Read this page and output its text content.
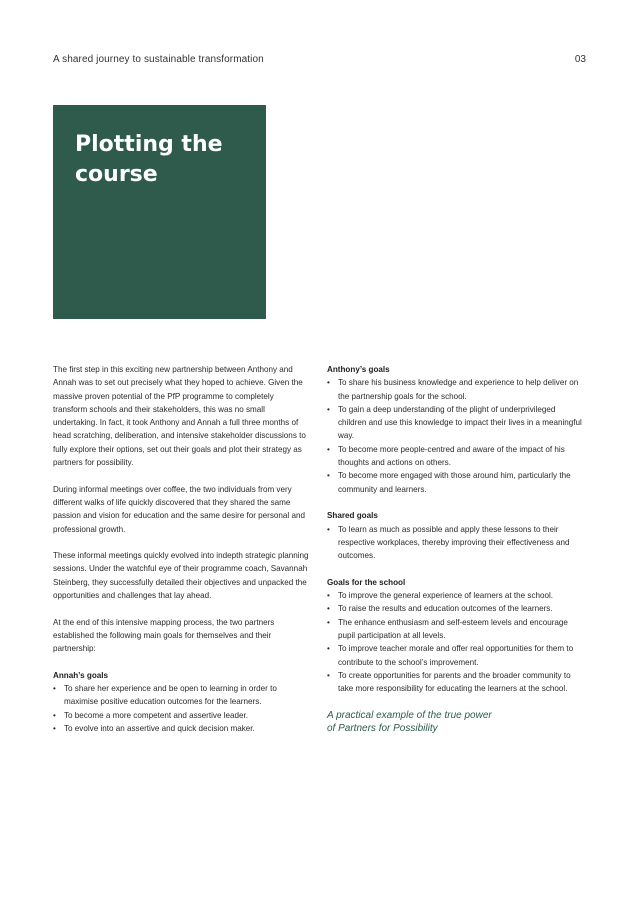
A shared journey to sustainable transformation	03
Plotting the course

The first step in this exciting new partnership between Anthony and Annah was to set out precisely what they hoped to achieve. Given the massive proven potential of the PfP programme to completely transform schools and their stakeholders, this was no small undertaking. In fact, it took Anthony and Annah a full three months of head scratching, deliberation, and intensive stakeholder discussions to fully explore their options, set out their goals and plot their strategy as partners for possibility.

During informal meetings over coffee, the two individuals from very different walks of life quickly discovered that they shared the same passion and vision for education and the same desire for personal and professional growth.

These informal meetings quickly evolved into indepth strategic planning sessions. Under the watchful eye of their programme coach, Savannah Steinberg, they successfully detailed their objectives and unpacked the opportunities and challenges that lay ahead.

At the end of this intensive mapping process, the two partners established the following main goals for themselves and their partnership:

Annah’s goals
• To share her experience and be open to learning in order to maximise positive education outcomes for the learners.
• To become a more competent and assertive leader.
• To evolve into an assertive and quick decision maker.
Anthony’s goals
• To share his business knowledge and experience to help deliver on the partnership goals for the school.
• To gain a deep understanding of the plight of underprivileged children and use this knowledge to impact their lives in a meaningful way.
• To become more people-centred and aware of the impact of his thoughts and actions on others.
• To become more engaged with those around him, particularly the community and learners.
Shared goals
• To learn as much as possible and apply these lessons to their respective workplaces, thereby improving their effectiveness and outcomes.
Goals for the school
• To improve the general experience of learners at the school.
• To raise the results and education outcomes of the learners.
• The enhance enthusiasm and self-esteem levels and encourage pupil participation at all levels.
• To improve teacher morale and offer real opportunities for them to contribute to the school’s improvement.
• To create opportunities for parents and the broader community to take more responsibility for educating the learners at the school.
A practical example of the true power of Partners for Possibility
